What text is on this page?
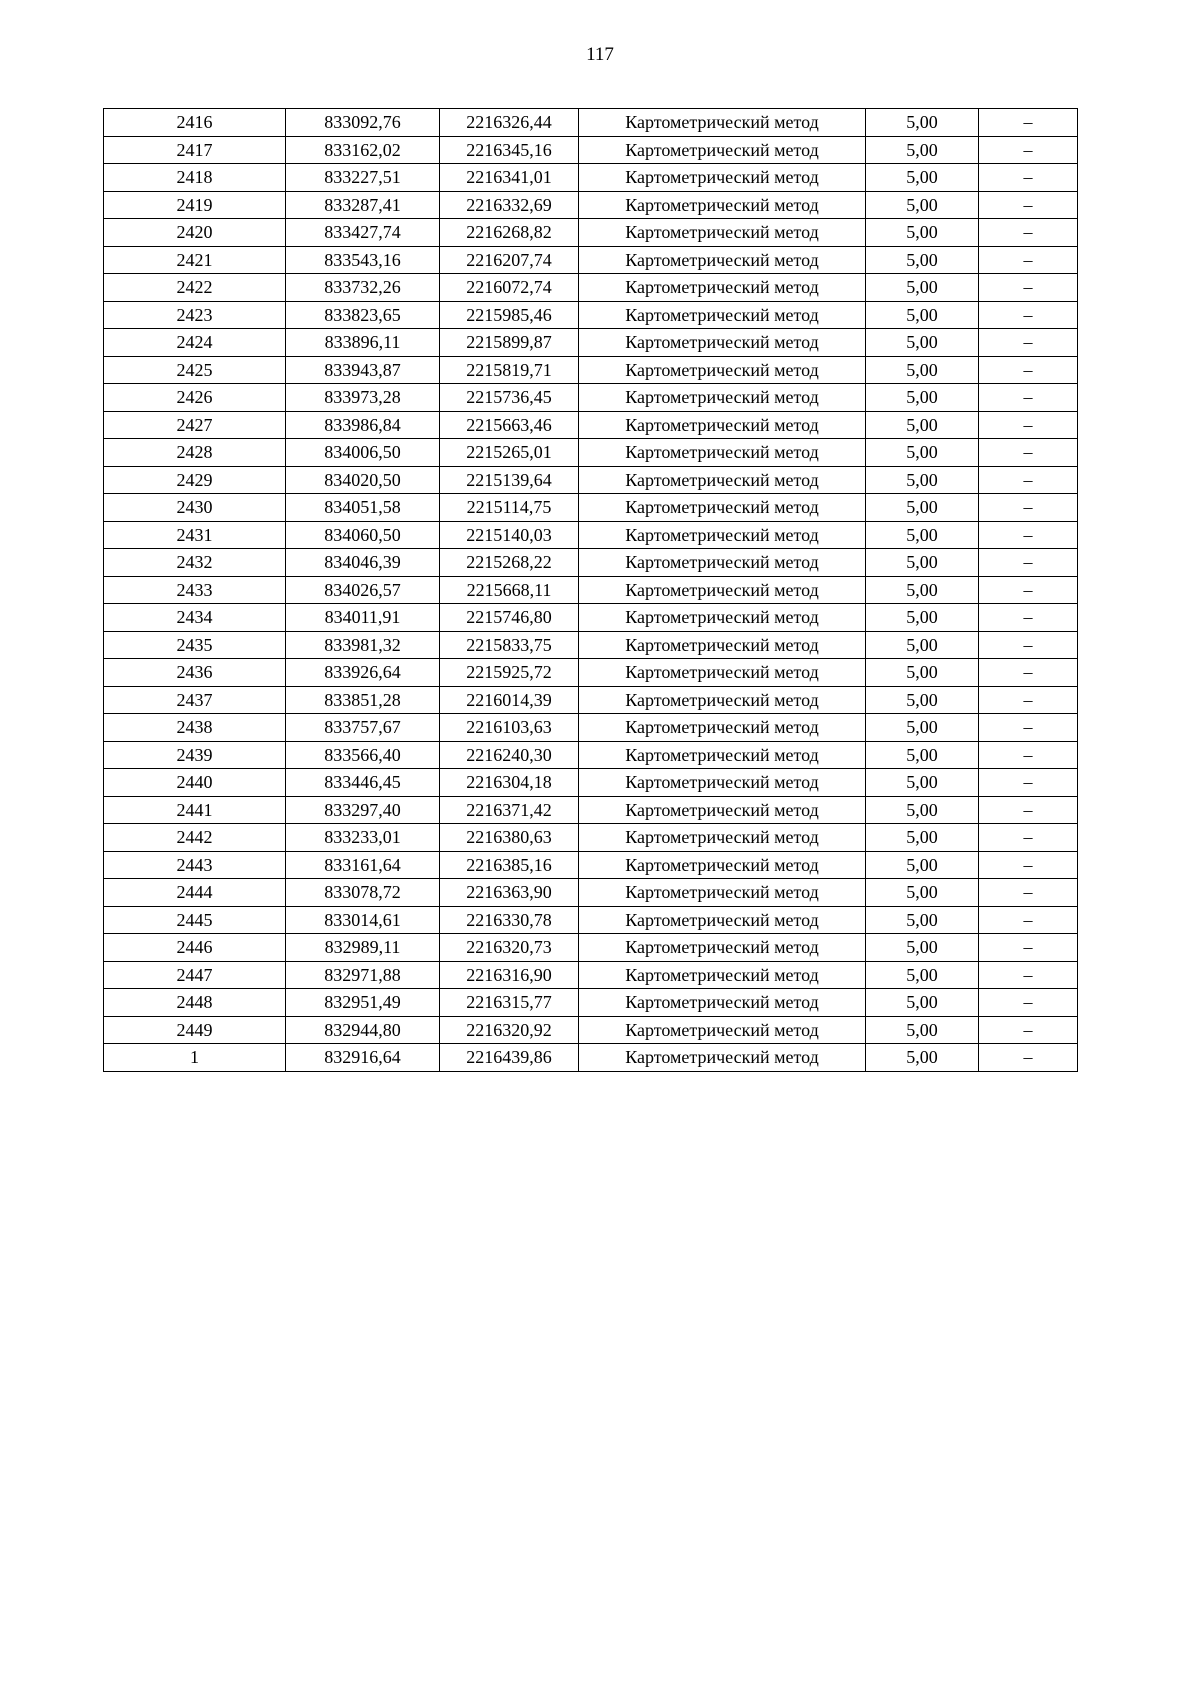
117
2416	833092,76	2216326,44	Картометрический метод	5,00	–
2417	833162,02	2216345,16	Картометрический метод	5,00	–
2418	833227,51	2216341,01	Картометрический метод	5,00	–
2419	833287,41	2216332,69	Картометрический метод	5,00	–
2420	833427,74	2216268,82	Картометрический метод	5,00	–
2421	833543,16	2216207,74	Картометрический метод	5,00	–
2422	833732,26	2216072,74	Картометрический метод	5,00	–
2423	833823,65	2215985,46	Картометрический метод	5,00	–
2424	833896,11	2215899,87	Картометрический метод	5,00	–
2425	833943,87	2215819,71	Картометрический метод	5,00	–
2426	833973,28	2215736,45	Картометрический метод	5,00	–
2427	833986,84	2215663,46	Картометрический метод	5,00	–
2428	834006,50	2215265,01	Картометрический метод	5,00	–
2429	834020,50	2215139,64	Картометрический метод	5,00	–
2430	834051,58	2215114,75	Картометрический метод	5,00	–
2431	834060,50	2215140,03	Картометрический метод	5,00	–
2432	834046,39	2215268,22	Картометрический метод	5,00	–
2433	834026,57	2215668,11	Картометрический метод	5,00	–
2434	834011,91	2215746,80	Картометрический метод	5,00	–
2435	833981,32	2215833,75	Картометрический метод	5,00	–
2436	833926,64	2215925,72	Картометрический метод	5,00	–
2437	833851,28	2216014,39	Картометрический метод	5,00	–
2438	833757,67	2216103,63	Картометрический метод	5,00	–
2439	833566,40	2216240,30	Картометрический метод	5,00	–
2440	833446,45	2216304,18	Картометрический метод	5,00	–
2441	833297,40	2216371,42	Картометрический метод	5,00	–
2442	833233,01	2216380,63	Картометрический метод	5,00	–
2443	833161,64	2216385,16	Картометрический метод	5,00	–
2444	833078,72	2216363,90	Картометрический метод	5,00	–
2445	833014,61	2216330,78	Картометрический метод	5,00	–
2446	832989,11	2216320,73	Картометрический метод	5,00	–
2447	832971,88	2216316,90	Картометрический метод	5,00	–
2448	832951,49	2216315,77	Картометрический метод	5,00	–
2449	832944,80	2216320,92	Картометрический метод	5,00	–
1	832916,64	2216439,86	Картометрический метод	5,00	–
